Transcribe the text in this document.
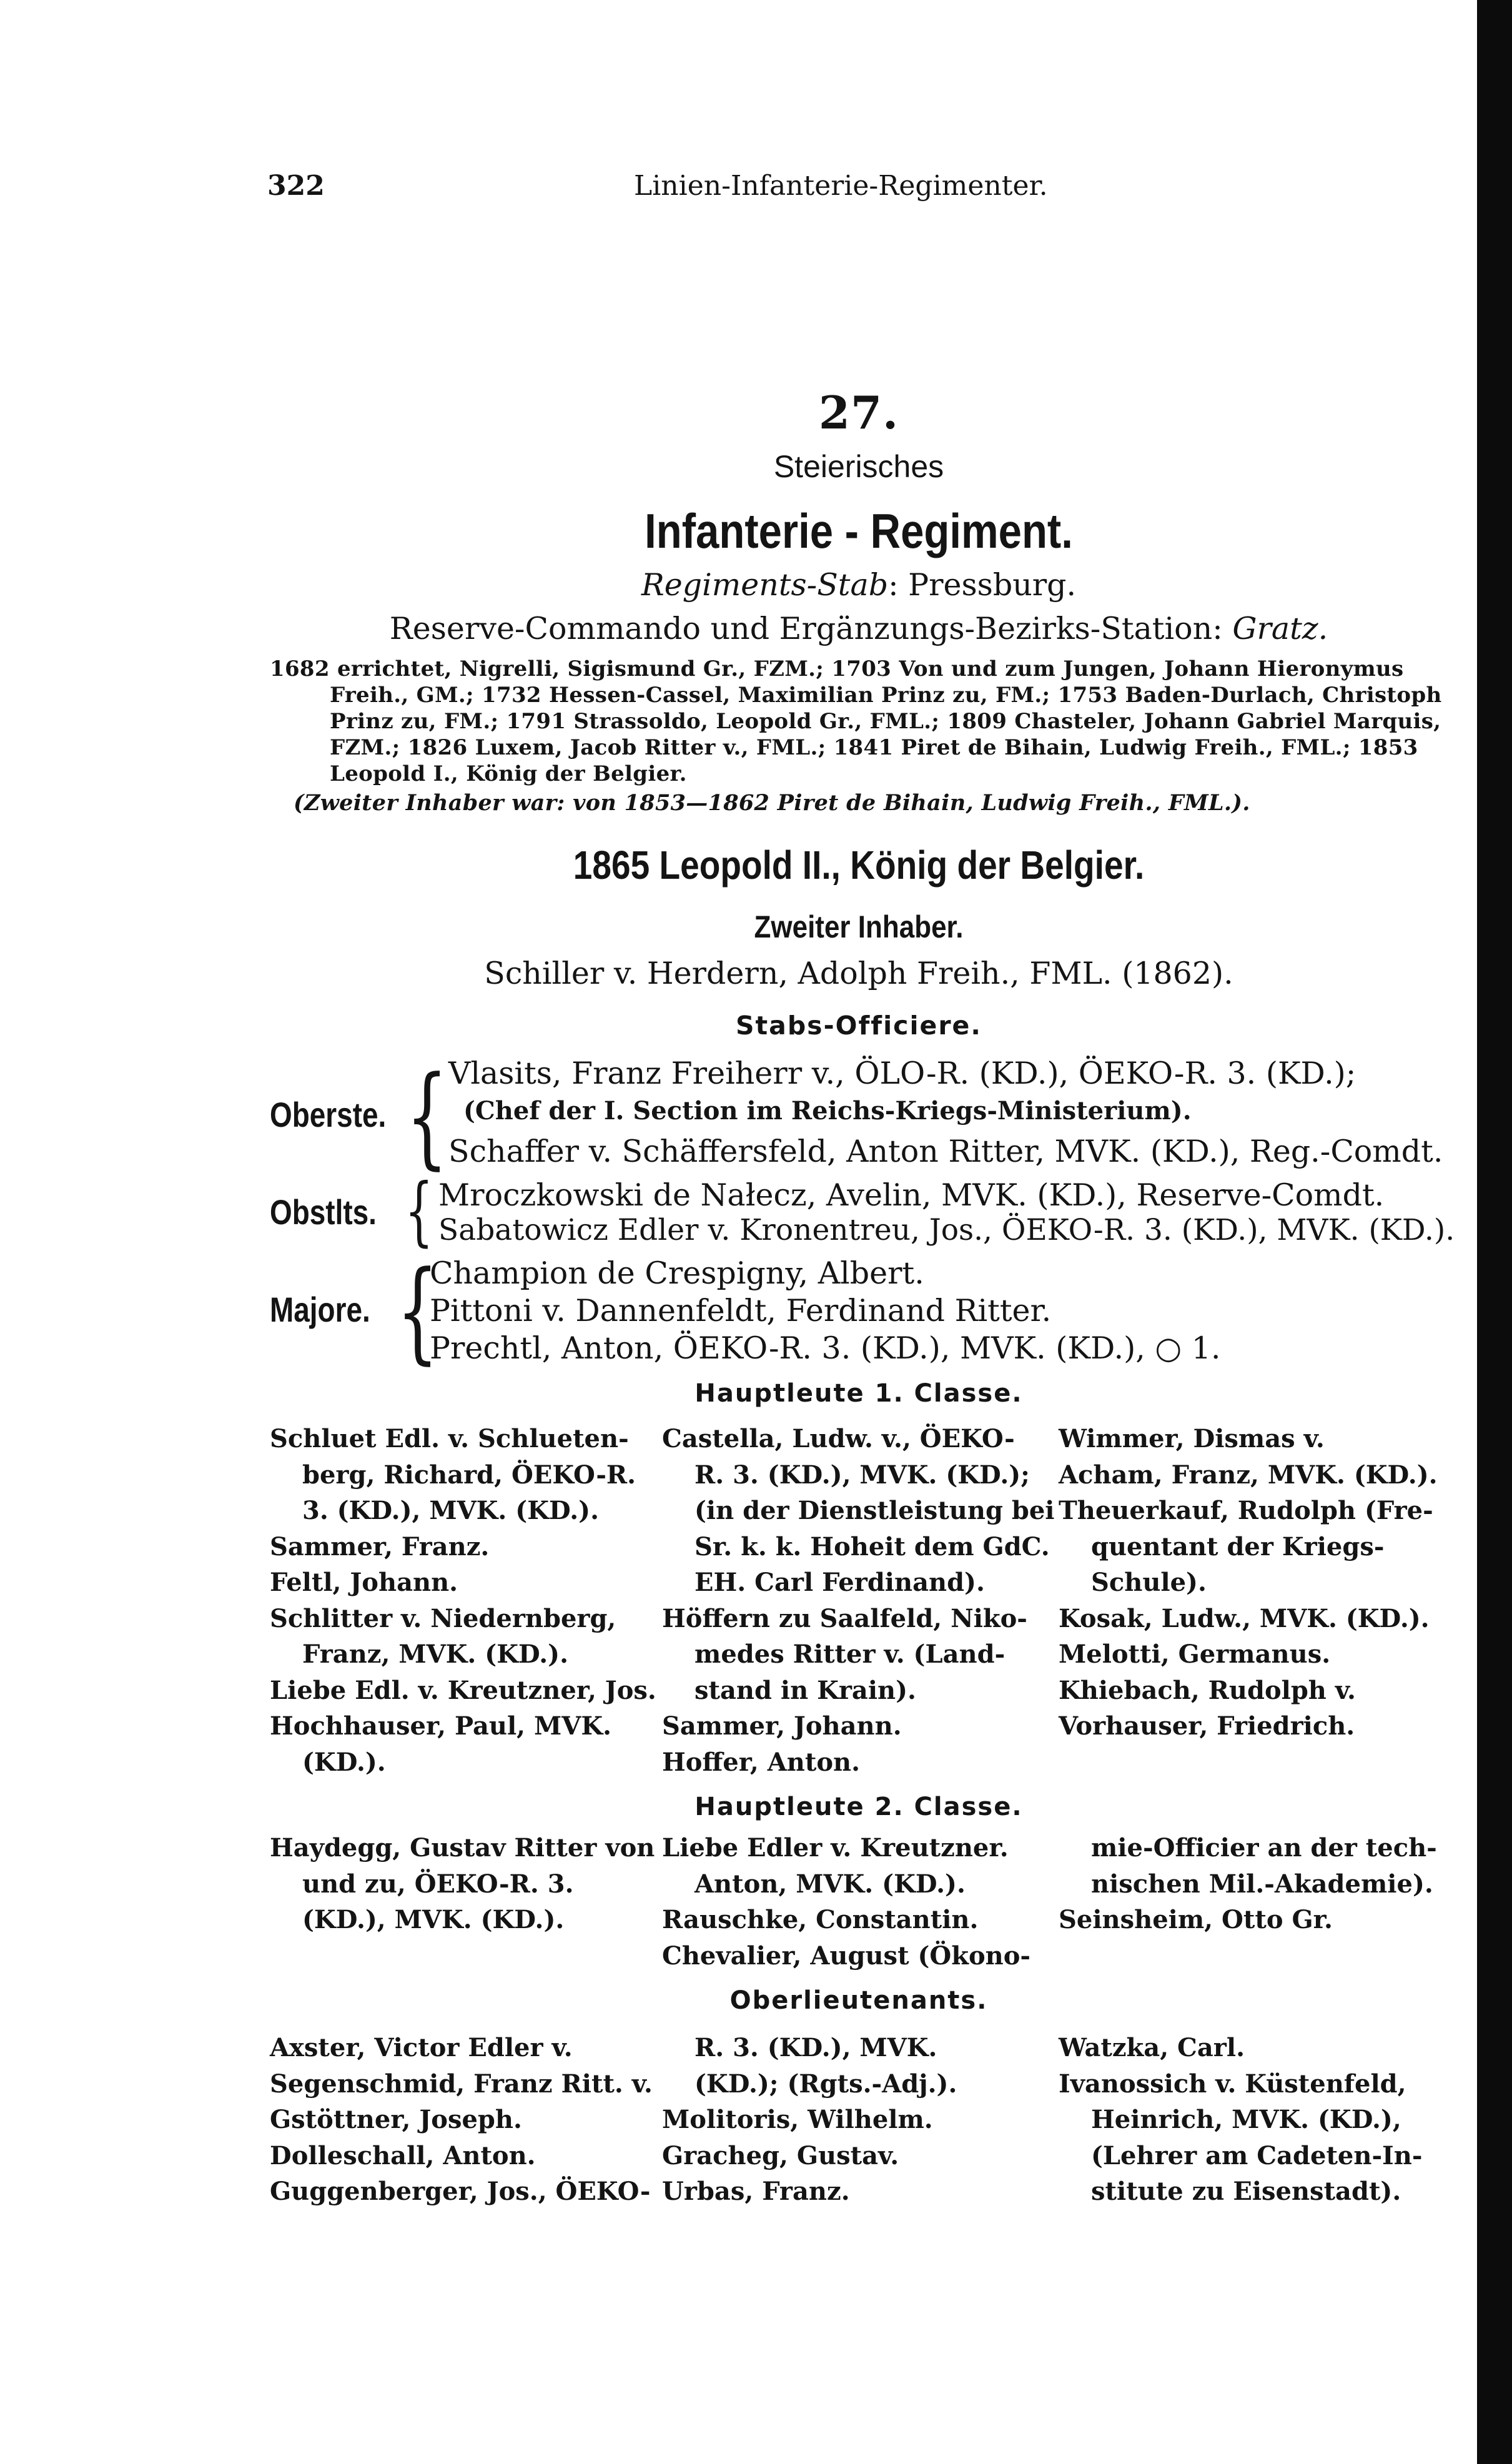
322	Linien-Infanterie-Regimenter.
27.
Steierisches
Infanterie - Regiment.
Regiments-Stab: Pressburg.
Reserve-Commando und Ergänzungs-Bezirks-Station: Gratz.
1682 errichtet, Nigrelli, Sigismund Gr., FZM.; 1703 Von und zum Jungen, Johann Hieronymus
Freih., GM.; 1732 Hessen-Cassel, Maximilian Prinz zu, FM.; 1753 Baden-Durlach, Christoph
Prinz zu, FM.; 1791 Strassoldo, Leopold Gr., FML.; 1809 Chasteler, Johann Gabriel Marquis,
FZM.; 1826 Luxem, Jacob Ritter v., FML.; 1841 Piret de Bihain, Ludwig Freih., FML.; 1853
Leopold I., König der Belgier.
(Zweiter Inhaber war: von 1853—1862 Piret de Bihain, Ludwig Freih., FML.).
1865 Leopold II., König der Belgier.
Zweiter Inhaber.
Schiller v. Herdern, Adolph Freih., FML. (1862).
Stabs-Officiere.
Oberste. { Vlasits, Franz Freiherr v., ÖLO-R. (KD.), ÖEKO-R. 3. (KD.);
(Chef der I. Section im Reichs-Kriegs-Ministerium).
Schaffer v. Schäffersfeld, Anton Ritter, MVK. (KD.), Reg.-Comdt.
Obstlts. { Mroczkowski de Nałecz, Avelin, MVK. (KD.), Reserve-Comdt.
Sabatowicz Edler v. Kronentreu, Jos., ÖEKO-R. 3. (KD.), MVK. (KD.).
Majore. {
Champion de Crespigny, Albert.
Pittoni v. Dannenfeldt, Ferdinand Ritter.
Prechtl, Anton, ÖEKO-R. 3. (KD.), MVK. (KD.), ○ 1.
Hauptleute 1. Classe.
Schluet Edl. v. Schlueten-
berg, Richard, ÖEKO-R.
3. (KD.), MVK. (KD.).
Sammer, Franz.
Feltl, Johann.
Schlitter v. Niedernberg,
Franz, MVK. (KD.).
Liebe Edl. v. Kreutzner, Jos.
Hochhauser, Paul, MVK.
(KD.).
Castella, Ludw. v., ÖEKO-
R. 3. (KD.), MVK. (KD.);
(in der Dienstleistung bei
Sr. k. k. Hoheit dem GdC.
EH. Carl Ferdinand).
Höffern zu Saalfeld, Niko-
medes Ritter v. (Land-
stand in Krain).
Sammer, Johann.
Hoffer, Anton.
Wimmer, Dismas v.
Acham, Franz, MVK. (KD.).
Theuerkauf, Rudolph (Fre-
quentant der Kriegs-
Schule).
Kosak, Ludw., MVK. (KD.).
Melotti, Germanus.
Khiebach, Rudolph v.
Vorhauser, Friedrich.
Hauptleute 2. Classe.
Haydegg, Gustav Ritter von
und zu, ÖEKO-R. 3.
(KD.), MVK. (KD.).
Liebe Edler v. Kreutzner.
Anton, MVK. (KD.).
Rauschke, Constantin.
Chevalier, August (Ökono-
mie-Officier an der tech-
nischen Mil.-Akademie).
Seinsheim, Otto Gr.
Oberlieutenants.
Axster, Victor Edler v.
Segenschmid, Franz Ritt. v.
Gstöttner, Joseph.
Dolleschall, Anton.
Guggenberger, Jos., ÖEKO-
R. 3. (KD.), MVK.
(KD.); (Rgts.-Adj.).
Molitoris, Wilhelm.
Gracheg, Gustav.
Urbas, Franz.
Watzka, Carl.
Ivanossich v. Küstenfeld,
Heinrich, MVK. (KD.),
(Lehrer am Cadeten-In-
stitute zu Eisenstadt).
